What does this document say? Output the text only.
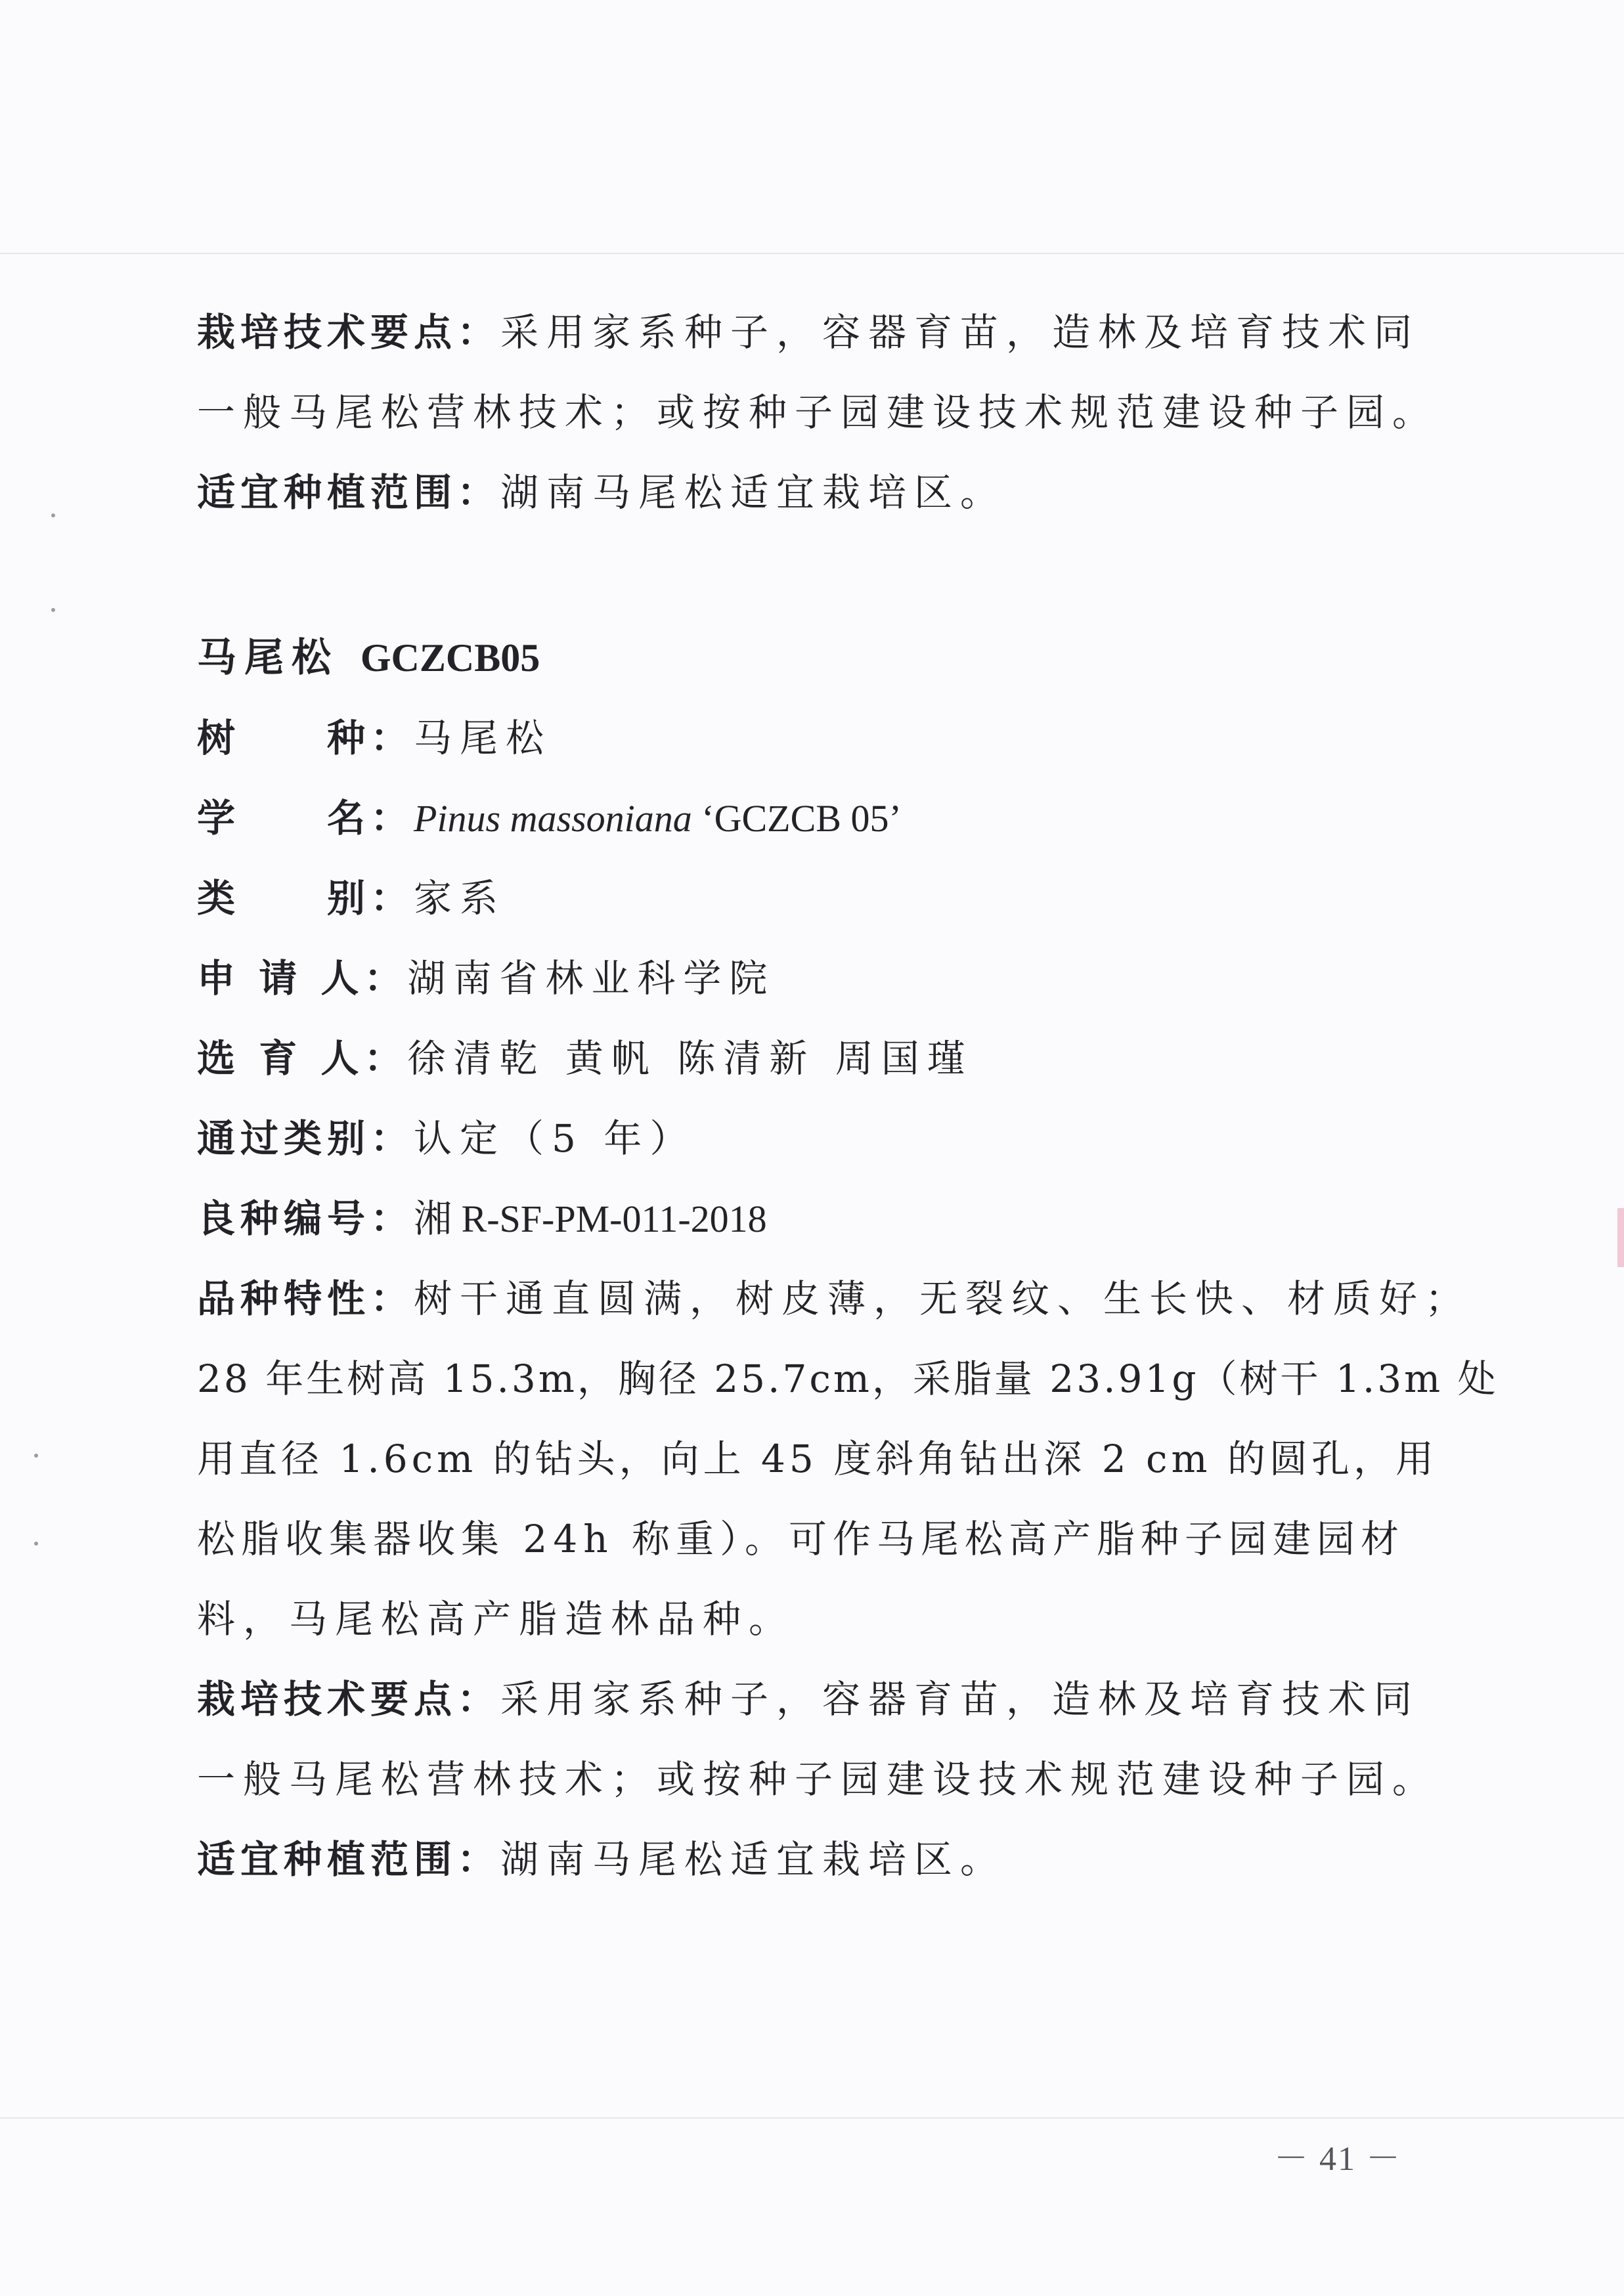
栽培技术要点：采用家系种子，容器育苗，造林及培育技术同
一般马尾松营林技术；或按种子园建设技术规范建设种子园。
适宜种植范围：湖南马尾松适宜栽培区。
马尾松 GCZCB05
树　　种：马尾松
学　　名：Pinus massoniana ‘GCZCB 05’
类　　别：家系
申 请 人：湖南省林业科学院
选 育 人：徐清乾 黄帆 陈清新 周国瑾
通过类别：认定（5 年）
良种编号：湘 R-SF-PM-011-2018
品种特性：树干通直圆满，树皮薄，无裂纹、生长快、材质好；
28 年生树高 15.3m，胸径 25.7cm，采脂量 23.91g（树干 1.3m 处
用直径 1.6cm 的钻头，向上 45 度斜角钻出深 2 cm 的圆孔，用
松脂收集器收集 24h 称重）。可作马尾松高产脂种子园建园材
料，马尾松高产脂造林品种。
栽培技术要点：采用家系种子，容器育苗，造林及培育技术同
一般马尾松营林技术；或按种子园建设技术规范建设种子园。
适宜种植范围：湖南马尾松适宜栽培区。
－ 41 －
